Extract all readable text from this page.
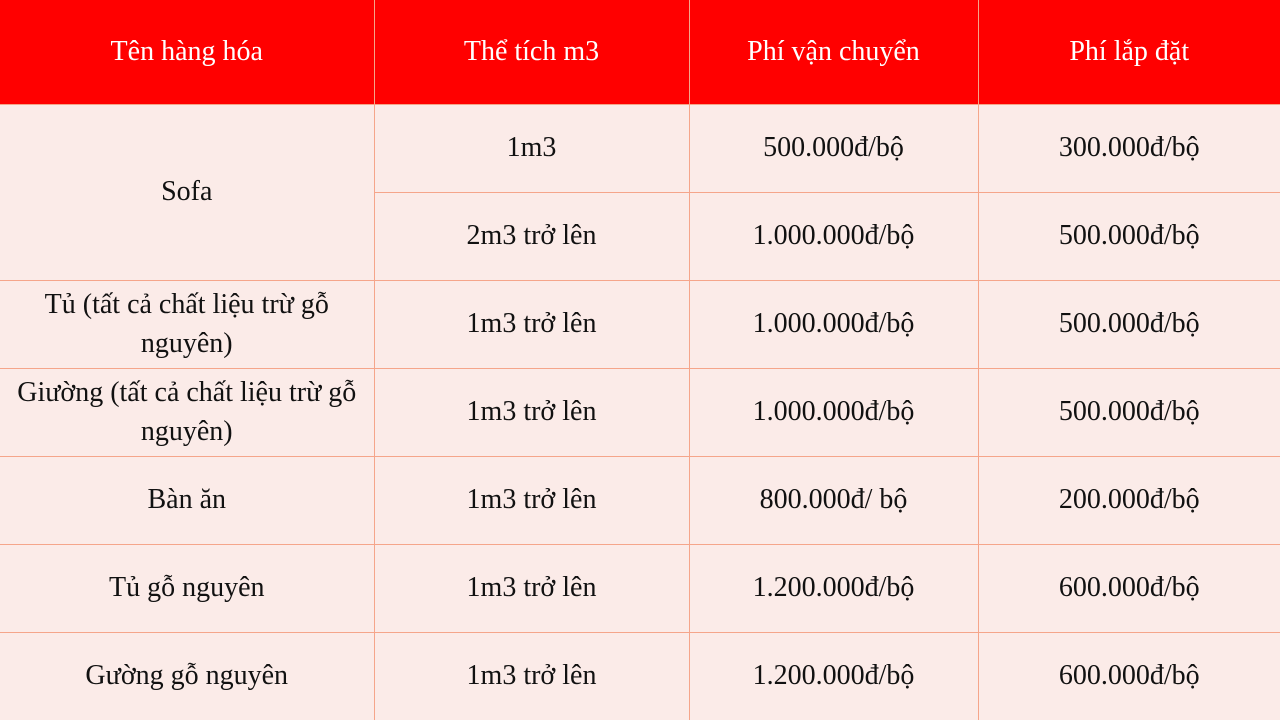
Tên hàng hóa	Thể tích m3	Phí vận chuyển	Phí lắp đặt
Sofa	1m3	500.000đ/bộ	300.000đ/bộ
	2m3 trở lên	1.000.000đ/bộ	500.000đ/bộ
Tủ (tất cả chất liệu trừ gỗ nguyên)	1m3 trở lên	1.000.000đ/bộ	500.000đ/bộ
Giường (tất cả chất liệu trừ gỗ nguyên)	1m3 trở lên	1.000.000đ/bộ	500.000đ/bộ
Bàn ăn	1m3 trở lên	800.000đ/ bộ	200.000đ/bộ
Tủ gỗ nguyên	1m3 trở lên	1.200.000đ/bộ	600.000đ/bộ
Gường gỗ nguyên	1m3 trở lên	1.200.000đ/bộ	600.000đ/bộ
